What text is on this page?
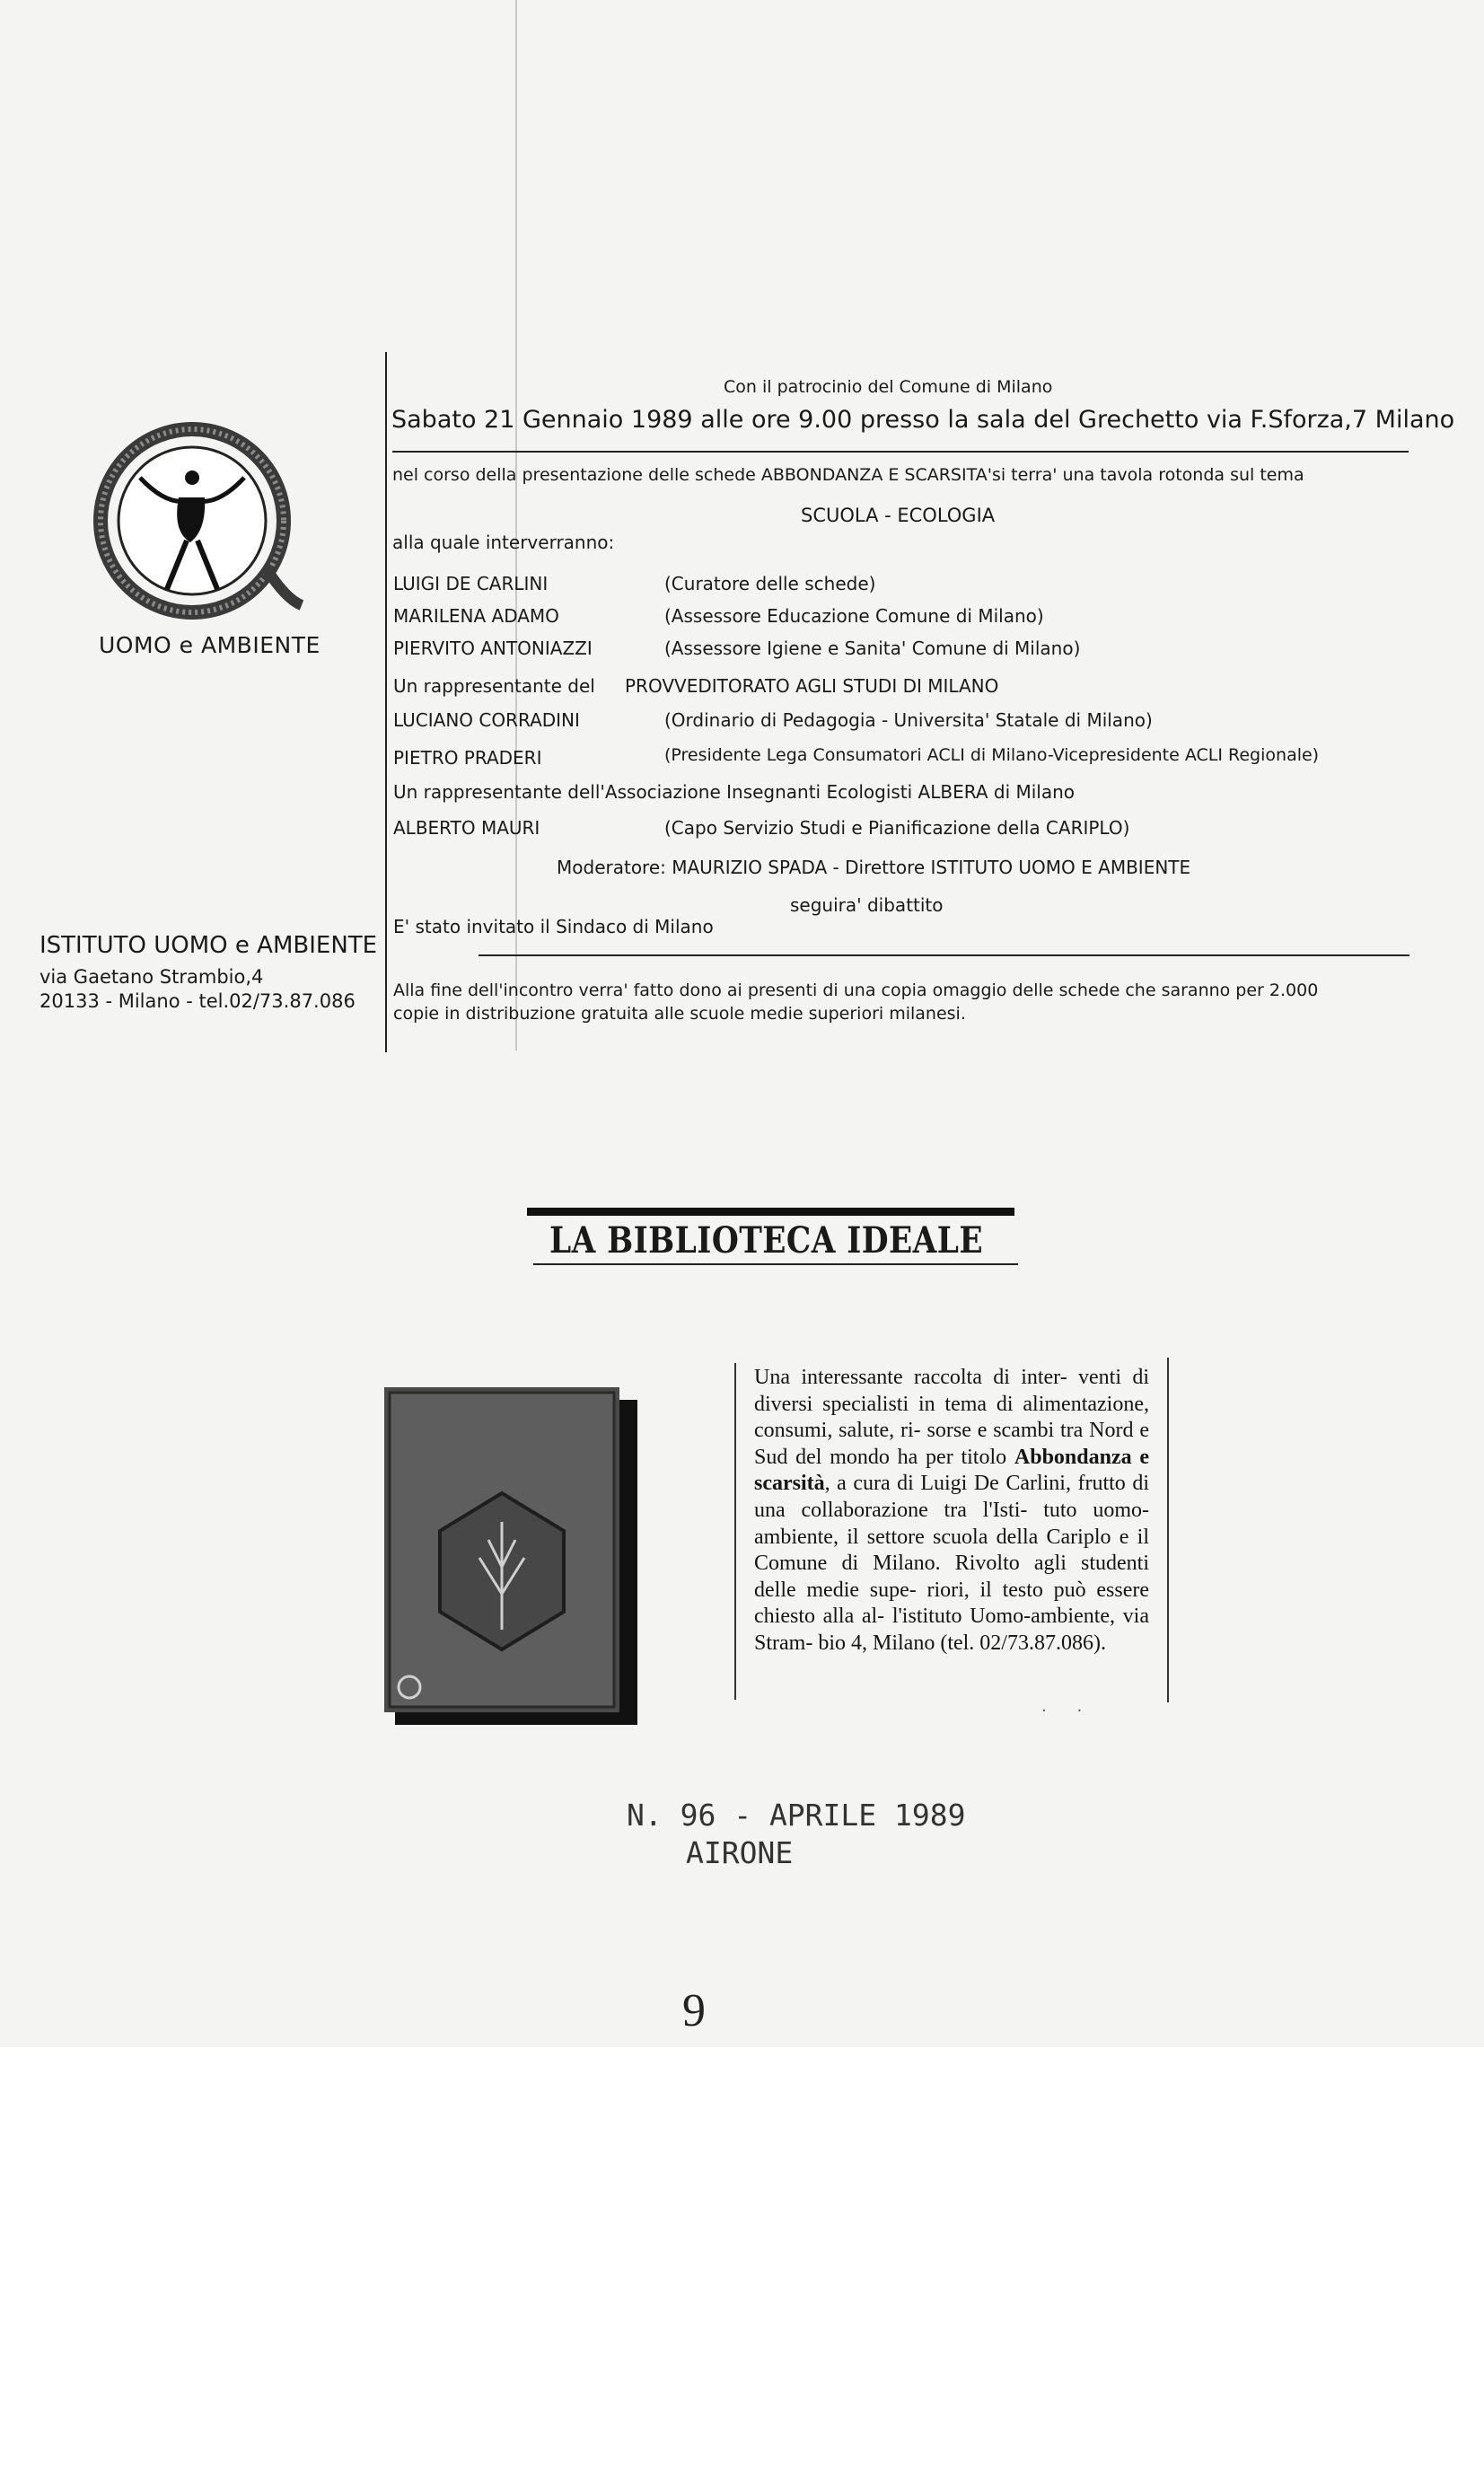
UOMO e AMBIENTE
ISTITUTO UOMO e AMBIENTE
via Gaetano Strambio,4
20133 - Milano - tel.02/73.87.086
Con il patrocinio del Comune di Milano
Sabato 21 Gennaio 1989 alle ore 9.00 presso la sala del Grechetto via F.Sforza,7 Milano
nel corso della presentazione delle schede ABBONDANZA E SCARSITA'si terra' una tavola rotonda sul tema
SCUOLA - ECOLOGIA
alla quale interverranno:
LUIGI DE CARLINI	(Curatore delle schede)
MARILENA ADAMO	(Assessore Educazione Comune di Milano)
PIERVITO ANTONIAZZI	(Assessore Igiene e Sanita' Comune di Milano)
Un rappresentante del PROVVEDITORATO AGLI STUDI DI MILANO
LUCIANO CORRADINI	(Ordinario di Pedagogia - Universita' Statale di Milano)
PIETRO PRADERI	(Presidente Lega Consumatori ACLI di Milano-Vicepresidente ACLI Regionale)
Un rappresentante dell'Associazione Insegnanti Ecologisti ALBERA di Milano
ALBERTO MAURI	(Capo Servizio Studi e Pianificazione della CARIPLO)
Moderatore: MAURIZIO SPADA - Direttore ISTITUTO UOMO E AMBIENTE
seguira' dibattito
E' stato invitato il Sindaco di Milano
Alla fine dell'incontro verra' fatto dono ai presenti di una copia omaggio delle schede che saranno per 2.000
copie in distribuzione gratuita alle scuole medie superiori milanesi.
LA BIBLIOTECA IDEALE
Una interessante raccolta di inter- venti di diversi specialisti in tema di alimentazione, consumi, salute, ri- sorse e scambi tra Nord e Sud del mondo ha per titolo Abbondanza e scarsità, a cura di Luigi De Carlini, frutto di una collaborazione tra l'Isti- tuto uomo-ambiente, il settore scuola della Cariplo e il Comune di Milano. Rivolto agli studenti delle medie supe- riori, il testo può essere chiesto alla al- l'istituto Uomo-ambiente, via Stram- bio 4, Milano (tel. 02/73.87.086).
· ·
N. 96 - APRILE 1989
AIRONE
9
